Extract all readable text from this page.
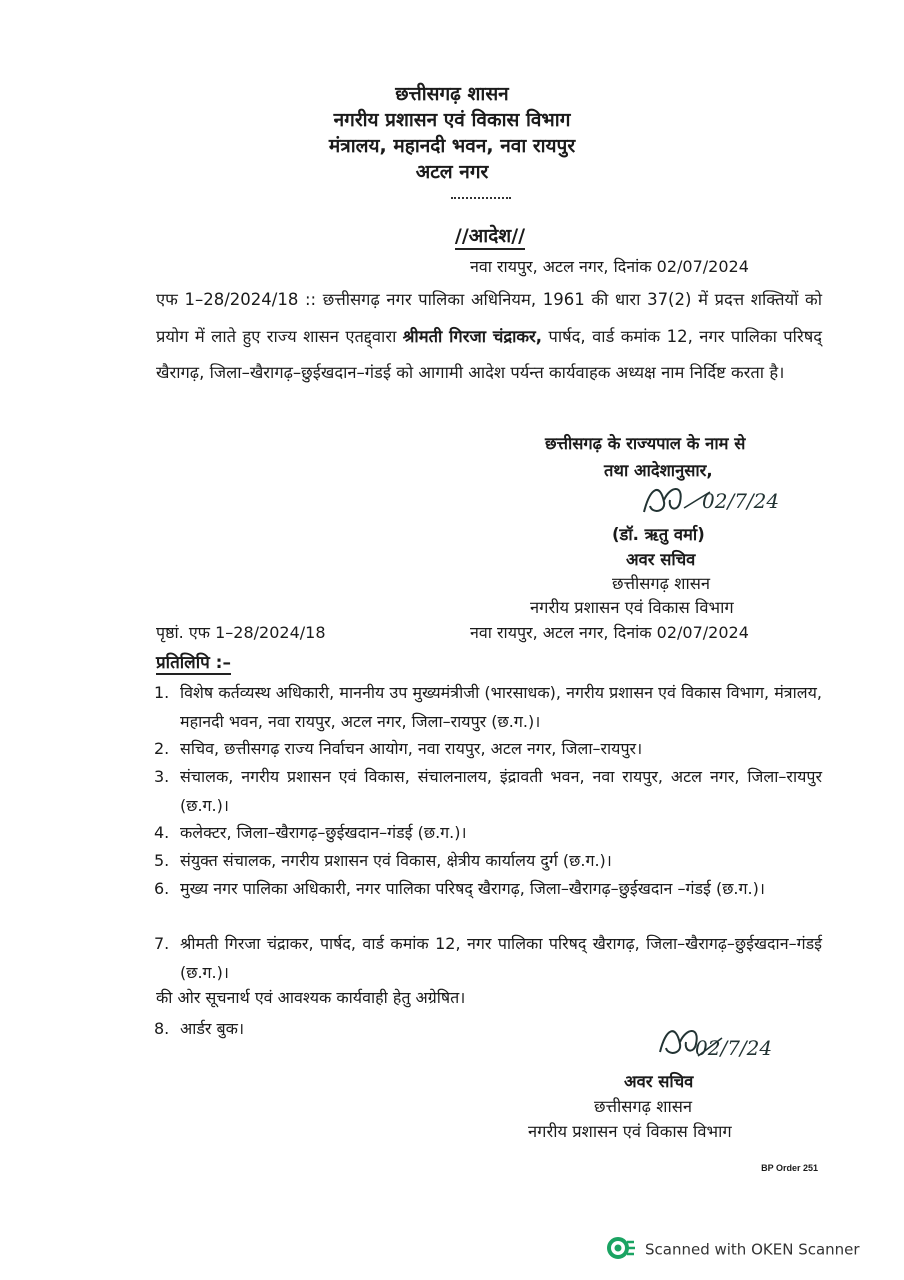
छत्तीसगढ़ शासन
नगरीय प्रशासन एवं विकास विभाग
मंत्रालय, महानदी भवन, नवा रायपुर
अटल नगर
//आदेश//
नवा रायपुर, अटल नगर, दिनांक 02/07/2024
एफ 1–28/2024/18 :: छत्तीसगढ़ नगर पालिका अधिनियम, 1961 की धारा 37(2) में प्रदत्त शक्तियों को प्रयोग में लाते हुए राज्य शासन एतद्द्वारा श्रीमती गिरजा चंद्राकर, पार्षद, वार्ड कमांक 12, नगर पालिका परिषद् खैरागढ़, जिला–खैरागढ़–छुईखदान–गंडई को आगामी आदेश पर्यन्त कार्यवाहक अध्यक्ष नाम निर्दिष्ट करता है।
छत्तीसगढ़ के राज्यपाल के नाम से
तथा आदेशानुसार,
02/7/24
(डॉ. ऋतु वर्मा)
अवर सचिव
छत्तीसगढ़ शासन
नगरीय प्रशासन एवं विकास विभाग
पृष्ठां. एफ 1–28/2024/18	नवा रायपुर, अटल नगर, दिनांक 02/07/2024
प्रतिलिपि :–
1. विशेष कर्तव्यस्थ अधिकारी, माननीय उप मुख्यमंत्रीजी (भारसाधक), नगरीय प्रशासन एवं विकास विभाग, मंत्रालय, महानदी भवन, नवा रायपुर, अटल नगर, जिला–रायपुर (छ.ग.)।
2. सचिव, छत्तीसगढ़ राज्य निर्वाचन आयोग, नवा रायपुर, अटल नगर, जिला–रायपुर।
3. संचालक, नगरीय प्रशासन एवं विकास, संचालनालय, इंद्रावती भवन, नवा रायपुर, अटल नगर, जिला–रायपुर (छ.ग.)।
4. कलेक्टर, जिला–खैरागढ़–छुईखदान–गंडई (छ.ग.)।
5. संयुक्त संचालक, नगरीय प्रशासन एवं विकास, क्षेत्रीय कार्यालय दुर्ग (छ.ग.)।
6. मुख्य नगर पालिका अधिकारी, नगर पालिका परिषद् खैरागढ़, जिला–खैरागढ़–छुईखदान –गंडई (छ.ग.)।
7. श्रीमती गिरजा चंद्राकर, पार्षद, वार्ड कमांक 12, नगर पालिका परिषद् खैरागढ़, जिला–खैरागढ़–छुईखदान–गंडई (छ.ग.)।
की ओर सूचनार्थ एवं आवश्यक कार्यवाही हेतु अग्रेषित।
8. आर्डर बुक।
02/7/24
अवर सचिव
छत्तीसगढ़ शासन
नगरीय प्रशासन एवं विकास विभाग
BP Order 251
Scanned with OKEN Scanner
